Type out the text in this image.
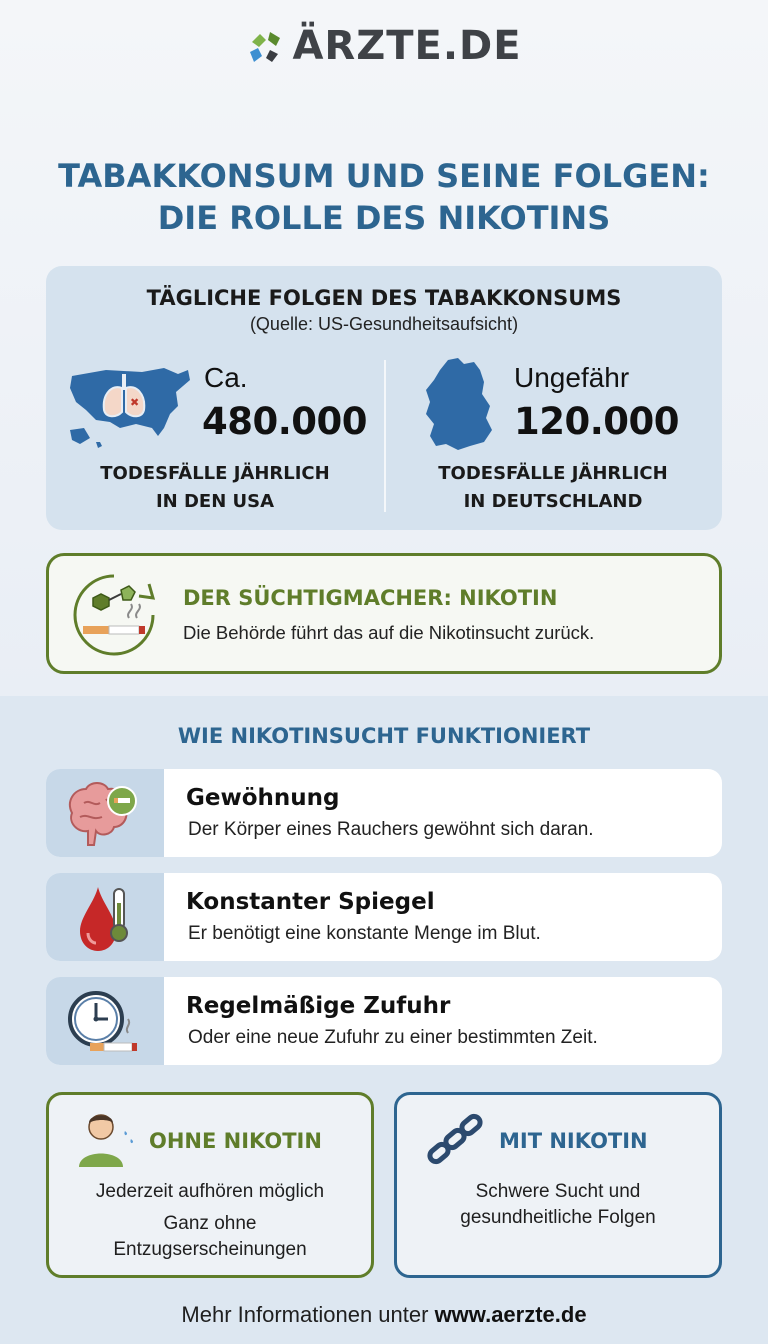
ÄRZTE.DE
TABAKKONSUM UND SEINE FOLGEN:
DIE ROLLE DES NIKOTINS
TÄGLICHE FOLGEN DES TABAKKONSUMS
(Quelle: US-Gesundheitsaufsicht)
✖
Ca.
480.000
TODESFÄLLE JÄHRLICH
IN DEN USA
Ungefähr
120.000
TODESFÄLLE JÄHRLICH
IN DEUTSCHLAND
DER SÜCHTIGMACHER: NIKOTIN
Die Behörde führt das auf die Nikotinsucht zurück.
WIE NIKOTINSUCHT FUNKTIONIERT
Gewöhnung
Der Körper eines Rauchers gewöhnt sich daran.
Konstanter Spiegel
Er benötigt eine konstante Menge im Blut.
Regelmäßige Zufuhr
Oder eine neue Zufuhr zu einer bestimmten Zeit.
OHNE NIKOTIN
Jederzeit aufhören möglich
Ganz ohne
Entzugserscheinungen
MIT NIKOTIN
Schwere Sucht und
gesundheitliche Folgen
Mehr Informationen unter www.aerzte.de
